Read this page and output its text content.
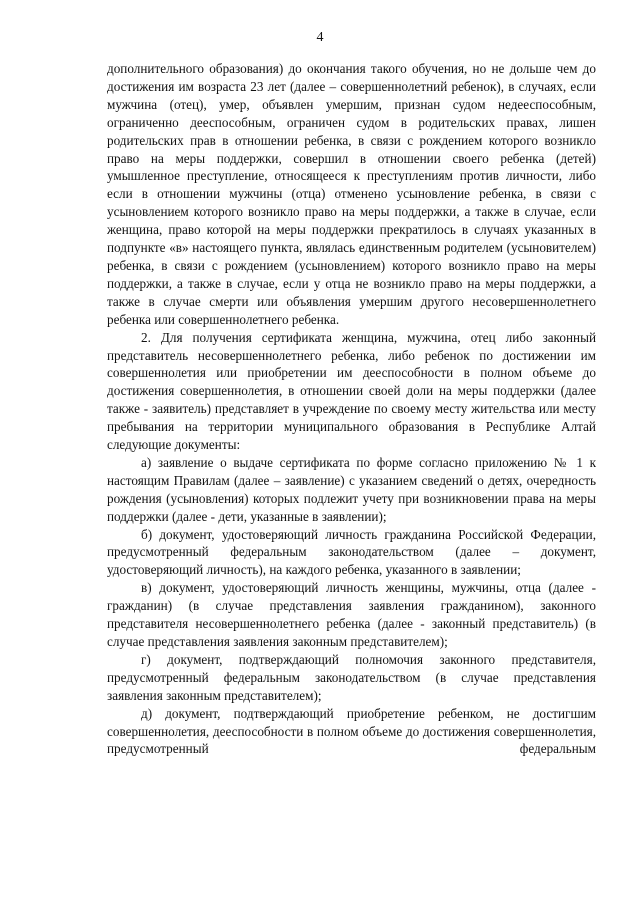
4

дополнительного образования) до окончания такого обучения, но не дольше чем до достижения им возраста 23 лет (далее – совершеннолетний ребенок), в случаях, если мужчина (отец), умер, объявлен умершим, признан судом недееспособным, ограниченно дееспособным, ограничен судом в родительских правах, лишен родительских прав в отношении ребенка, в связи с рождением которого возникло право на меры поддержки, совершил в отношении своего ребенка (детей) умышленное преступление, относящееся к преступлениям против личности, либо если в отношении мужчины (отца) отменено усыновление ребенка, в связи с усыновлением которого возникло право на меры поддержки, а также в случае, если женщина, право которой на меры поддержки прекратилось в случаях указанных в подпункте «в» настоящего пункта, являлась единственным родителем (усыновителем) ребенка, в связи с рождением (усыновлением) которого возникло право на меры поддержки, а также в случае, если у отца не возникло право на меры поддержки, а также в случае смерти или объявления умершим другого несовершеннолетнего ребенка или совершеннолетнего ребенка.

2. Для получения сертификата женщина, мужчина, отец либо законный представитель несовершеннолетнего ребенка, либо ребенок по достижении им совершеннолетия или приобретении им дееспособности в полном объеме до достижения совершеннолетия, в отношении своей доли на меры поддержки (далее также - заявитель) представляет в учреждение по своему месту жительства или месту пребывания на территории муниципального образования в Республике Алтай следующие документы:

а) заявление о выдаче сертификата по форме согласно приложению № 1 к настоящим Правилам (далее – заявление) с указанием сведений о детях, очередность рождения (усыновления) которых подлежит учету при возникновении права на меры поддержки (далее - дети, указанные в заявлении);

б) документ, удостоверяющий личность гражданина Российской Федерации, предусмотренный федеральным законодательством (далее – документ, удостоверяющий личность), на каждого ребенка, указанного в заявлении;

в) документ, удостоверяющий личность женщины, мужчины, отца (далее - гражданин) (в случае представления заявления гражданином), законного представителя несовершеннолетнего ребенка (далее - законный представитель) (в случае представления заявления законным представителем);

г) документ, подтверждающий полномочия законного представителя, предусмотренный федеральным законодательством (в случае представления заявления законным представителем);

д) документ, подтверждающий приобретение ребенком, не достигшим совершеннолетия, дееспособности в полном объеме до достижения совершеннолетия, предусмотренный федеральным
